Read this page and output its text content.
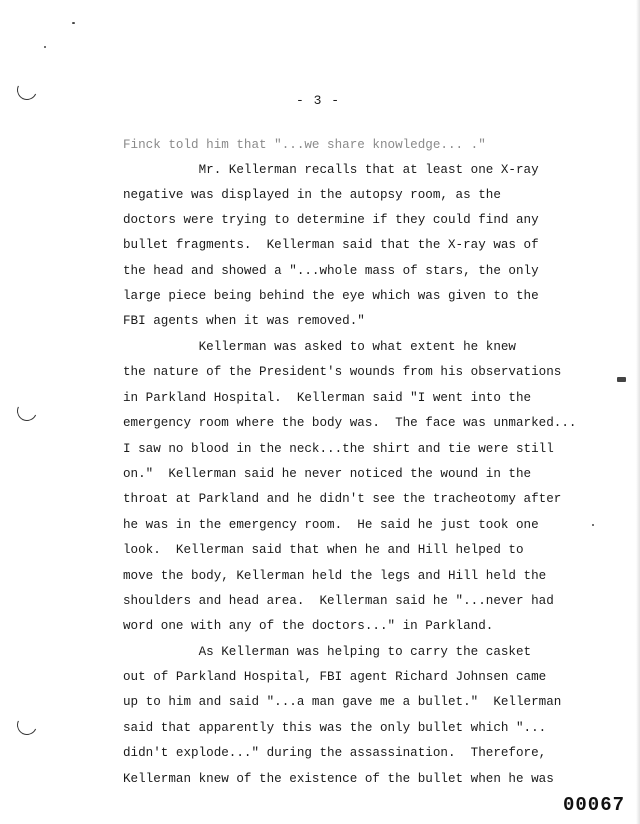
- 3 -
Finck told him that "...we share knowledge... ."
Mr. Kellerman recalls that at least one X-ray
negative was displayed in the autopsy room, as the
doctors were trying to determine if they could find any
bullet fragments.  Kellerman said that the X-ray was of
the head and showed a "...whole mass of stars, the only
large piece being behind the eye which was given to the
FBI agents when it was removed."
Kellerman was asked to what extent he knew
the nature of the President's wounds from his observations
in Parkland Hospital.  Kellerman said "I went into the
emergency room where the body was.  The face was unmarked...
I saw no blood in the neck...the shirt and tie were still
on."  Kellerman said he never noticed the wound in the
throat at Parkland and he didn't see the tracheotomy after
he was in the emergency room.  He said he just took one
look.  Kellerman said that when he and Hill helped to
move the body, Kellerman held the legs and Hill held the
shoulders and head area.  Kellerman said he "...never had
word one with any of the doctors..." in Parkland.
As Kellerman was helping to carry the casket
out of Parkland Hospital, FBI agent Richard Johnsen came
up to him and said "...a man gave me a bullet."  Kellerman
said that apparently this was the only bullet which "...
didn't explode..." during the assassination.  Therefore,
Kellerman knew of the existence of the bullet when he was
00067
